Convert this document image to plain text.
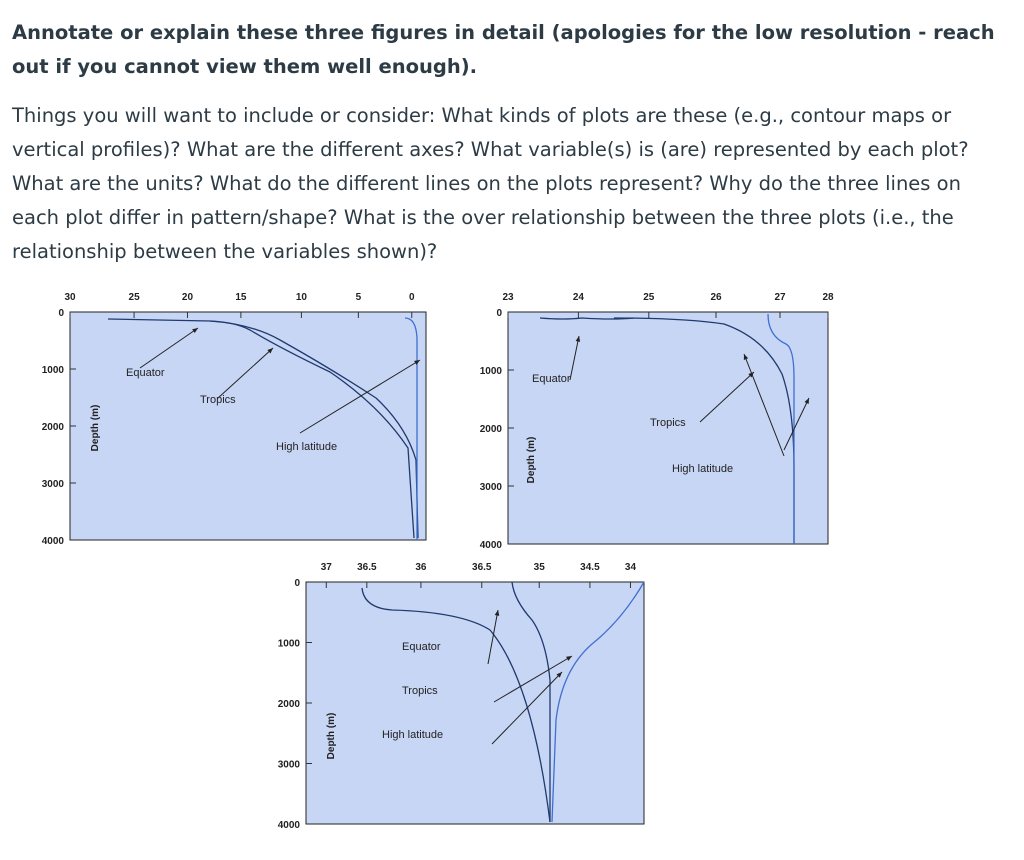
Annotate or explain these three figures in detail (apologies for the low resolution - reach out if you cannot view them well enough).
Things you will want to include or consider: What kinds of plots are these (e.g., contour maps or vertical profiles)? What are the different axes? What variable(s) is (are) represented by each plot? What are the units? What do the different lines on the plots represent? Why do the three lines on each plot differ in pattern/shape? What is the over relationship between the three plots (i.e., the relationship between the variables shown)?
30	25	20	15	10	5	0
0
1000
2000
3000
4000
Depth (m)
Equator
Tropics
High latitude
23	24	25	26	27	28
0
1000
2000
3000
4000
Depth (m)
Equator
Tropics
High latitude
37	36.5	36	36.5	35	34.5	34
0
1000
2000
3000
4000
Depth (m)
Equator
Tropics
High latitude
